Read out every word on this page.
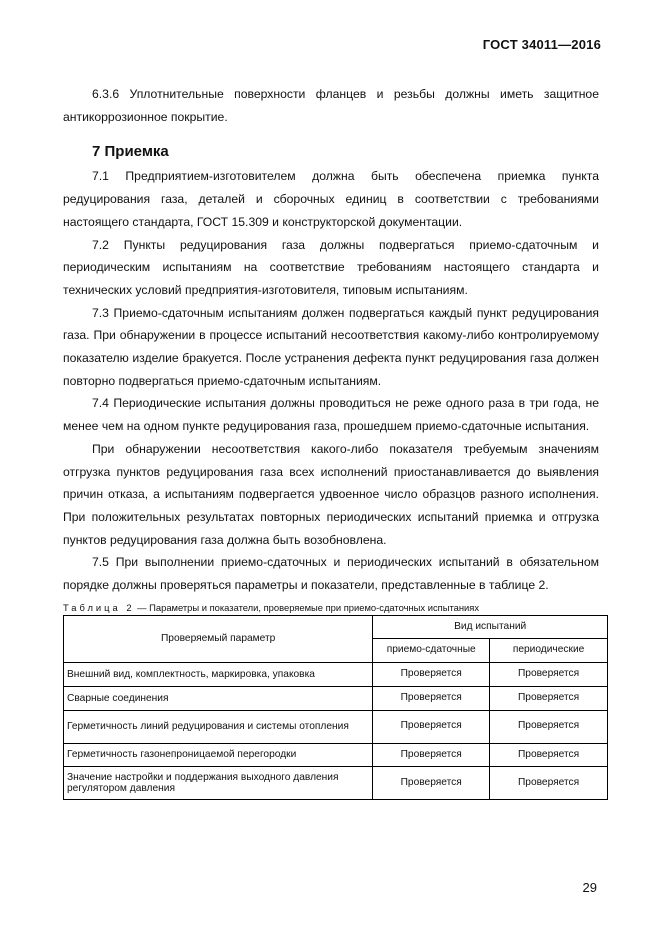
ГОСТ 34011—2016

6.3.6 Уплотнительные поверхности фланцев и резьбы должны иметь защитное антикоррозионное покрытие.

7 Приемка

7.1 Предприятием-изготовителем должна быть обеспечена приемка пункта редуцирования газа, деталей и сборочных единиц в соответствии с требованиями настоящего стандарта, ГОСТ 15.309 и конструкторской документации.

7.2 Пункты редуцирования газа должны подвергаться приемо-сдаточным и периодическим испытаниям на соответствие требованиям настоящего стандарта и технических условий предприятия-изготовителя, типовым испытаниям.

7.3 Приемо-сдаточным испытаниям должен подвергаться каждый пункт редуцирования газа. При обнаружении в процессе испытаний несоответствия какому-либо контролируемому показателю изделие бракуется. После устранения дефекта пункт редуцирования газа должен повторно подвергаться приемо-сдаточным испытаниям.

7.4 Периодические испытания должны проводиться не реже одного раза в три года, не менее чем на одном пункте редуцирования газа, прошедшем приемо-сдаточные испытания.

При обнаружении несоответствия какого-либо показателя требуемым значениям отгрузка пунктов редуцирования газа всех исполнений приостанавливается до выявления причин отказа, а испытаниям подвергается удвоенное число образцов разного исполнения. При положительных результатах повторных периодических испытаний приемка и отгрузка пунктов редуцирования газа должна быть возобновлена.

7.5 При выполнении приемо-сдаточных и периодических испытаний в обязательном порядке должны проверяться параметры и показатели, представленные в таблице 2.

Таблица 2 — Параметры и показатели, проверяемые при приемо-сдаточных испытаниях
Проверяемый параметр	Вид испытаний	
	приемо-сдаточные	периодические
Внешний вид, комплектность, маркировка, упаковка	Проверяется	Проверяется
Сварные соединения	Проверяется	Проверяется
Герметичность линий редуцирования и системы отопления	Проверяется	Проверяется
Герметичность газонепроницаемой перегородки	Проверяется	Проверяется
Значение настройки и поддержания выходного давления регулятором давления	Проверяется	Проверяется
29
